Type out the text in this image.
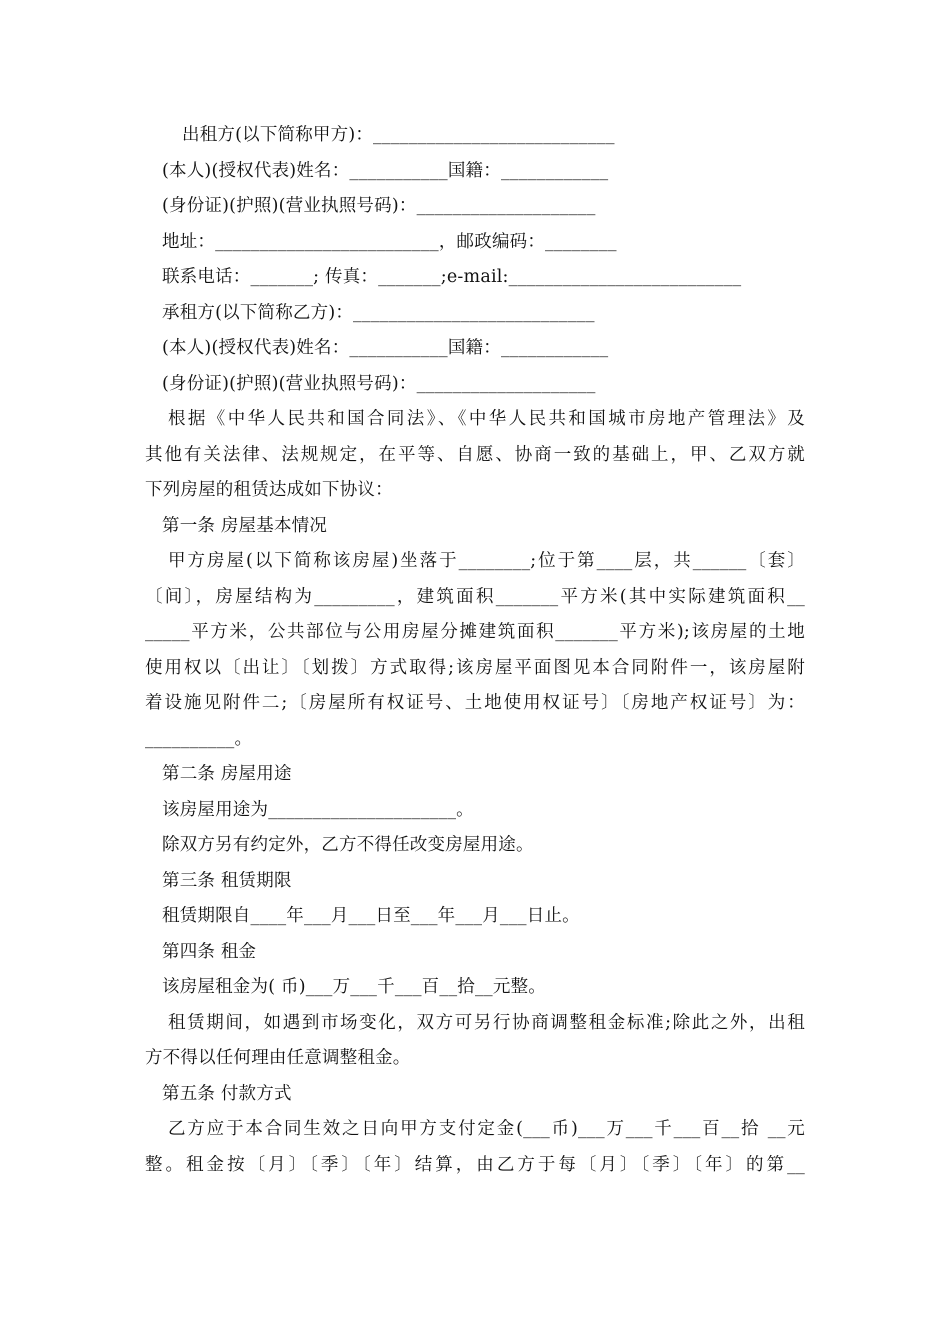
出租方(以下简称甲方)：___________________________
(本人)(授权代表)姓名：___________国籍：____________
(身份证)(护照)(营业执照号码)：____________________
地址：_________________________，邮政编码：________
联系电话：_______; 传真：_______;e-mail:__________________________
承租方(以下简称乙方)：___________________________
(本人)(授权代表)姓名：___________国籍：____________
(身份证)(护照)(营业执照号码)：____________________
根据《中华人民共和国合同法》、《中华人民共和国城市房地产管理法》及
其他有关法律、法规规定，在平等、自愿、协商一致的基础上，甲、乙双方就
下列房屋的租赁达成如下协议：
第一条 房屋基本情况
甲方房屋(以下简称该房屋)坐落于________;位于第____层，共______〔套〕
〔间〕，房屋结构为_________，建筑面积_______平方米(其中实际建筑面积__
_____平方米，公共部位与公用房屋分摊建筑面积_______平方米);该房屋的土地
使用权以〔出让〕〔划拨〕方式取得;该房屋平面图见本合同附件一，该房屋附
着设施见附件二;〔房屋所有权证号、土地使用权证号〕〔房地产权证号〕为：
__________。
第二条 房屋用途
该房屋用途为_____________________。
除双方另有约定外，乙方不得任改变房屋用途。
第三条 租赁期限
租赁期限自____年___月___日至___年___月___日止。
第四条 租金
该房屋租金为( 币)___万___千___百__拾__元整。
租赁期间，如遇到市场变化，双方可另行协商调整租金标准;除此之外，出租
方不得以任何理由任意调整租金。
第五条 付款方式
乙方应于本合同生效之日向甲方支付定金(___币)___万___千___百__拾 __元
整。租金按〔月〕〔季〕〔年〕结算，由乙方于每〔月〕〔季〕〔年〕的第__
